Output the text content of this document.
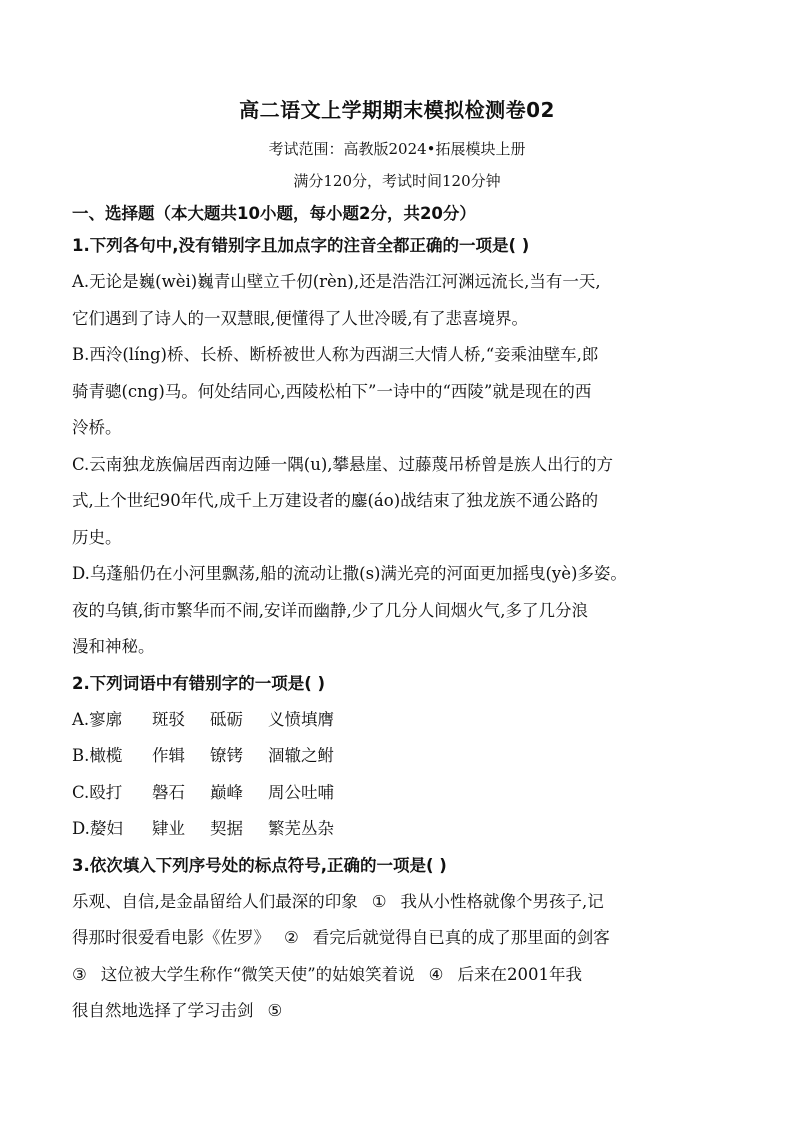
高二语文上学期期末模拟检测卷02
考试范围：高教版2024•拓展模块上册
满分120分，考试时间120分钟
一、选择题（本大题共10小题，每小题2分，共20分）
1.下列各句中,没有错别字且加点字的注音全都正确的一项是( )
A.无论是巍(wèi)巍青山壁立千仞(rèn),还是浩浩江河渊远流长,当有一天,
它们遇到了诗人的一双慧眼,便懂得了人世冷暖,有了悲喜境界。
B.西泠(líng)桥、长桥、断桥被世人称为西湖三大情人桥,“妾乘油壁车,郎
骑青骢(cng)马。何处结同心,西陵松柏下”一诗中的“西陵”就是现在的西
泠桥。
C.云南独龙族偏居西南边陲一隅(u),攀悬崖、过藤蔑吊桥曾是族人出行的方
式,上个世纪90年代,成千上万建设者的鏖(áo)战结束了独龙族不通公路的
历史。
D.乌蓬船仍在小河里飘荡,船的流动让撒(s)满光亮的河面更加摇曳(yè)多姿。
夜的乌镇,街市繁华而不闹,安详而幽静,少了几分人间烟火气,多了几分浪
漫和神秘。
2.下列词语中有错别字的一项是( )
A.寥廓 斑驳 砥砺 义愤填膺
B.橄榄 作辑 镣铐 涸辙之鲋
C.殴打 磐石 巅峰 周公吐哺
D.嫠妇 肄业 契据 繁芜丛杂
3.依次填入下列序号处的标点符号,正确的一项是( )
乐观、自信,是金晶留给人们最深的印象 ① 我从小性格就像个男孩子,记
得那时很爱看电影《佐罗》 ② 看完后就觉得自已真的成了那里面的剑客
③ 这位被大学生称作“微笑天使”的姑娘笑着说 ④ 后来在2001年我
很自然地选择了学习击剑 ⑤
